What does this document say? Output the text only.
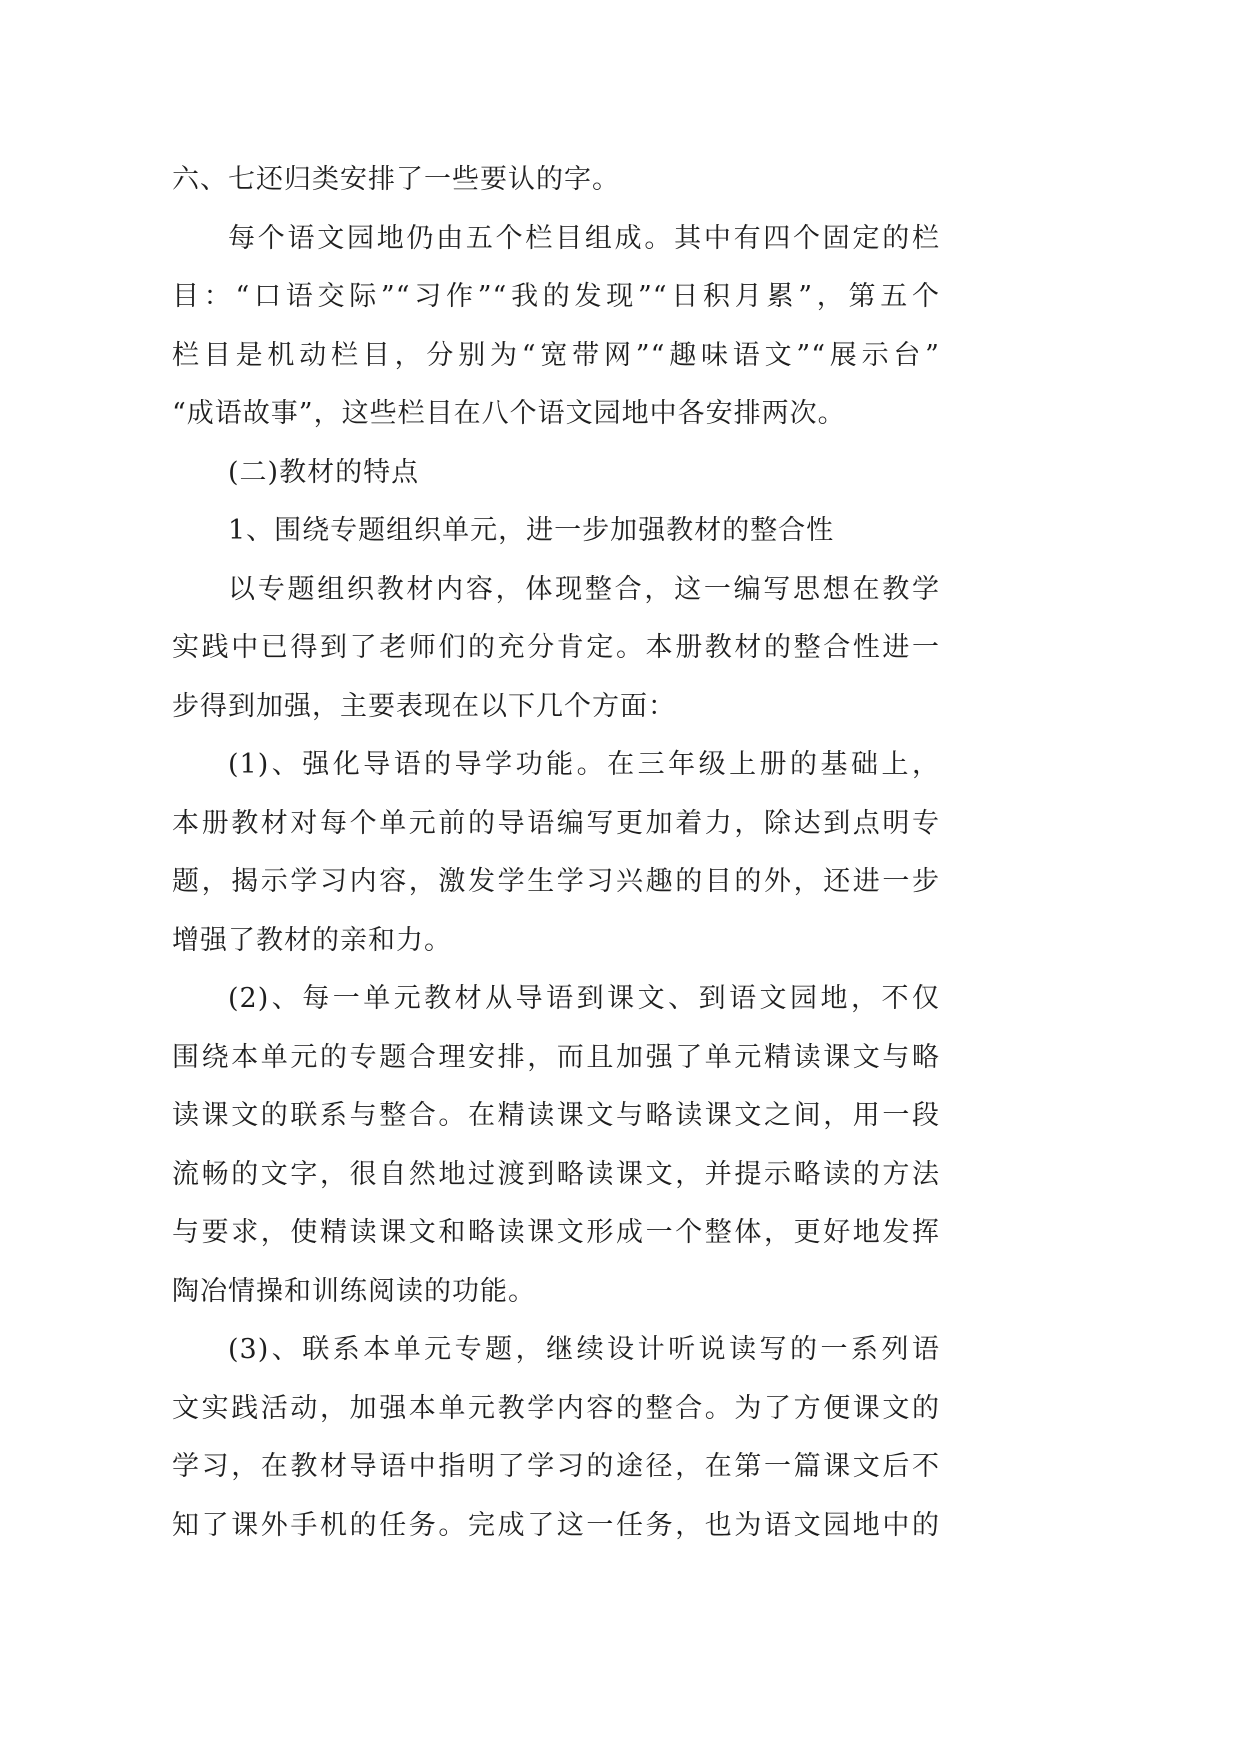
六、七还归类安排了一些要认的字。
每个语文园地仍由五个栏目组成。其中有四个固定的栏
目：“口语交际”“习作”“我的发现”“日积月累”，第五个
栏目是机动栏目，分别为“宽带网”“趣味语文”“展示台”
“成语故事”，这些栏目在八个语文园地中各安排两次。
(二)教材的特点
1、围绕专题组织单元，进一步加强教材的整合性
以专题组织教材内容，体现整合，这一编写思想在教学
实践中已得到了老师们的充分肯定。本册教材的整合性进一
步得到加强，主要表现在以下几个方面：
(1)、强化导语的导学功能。在三年级上册的基础上，
本册教材对每个单元前的导语编写更加着力，除达到点明专
题，揭示学习内容，激发学生学习兴趣的目的外，还进一步
增强了教材的亲和力。
(2)、每一单元教材从导语到课文、到语文园地，不仅
围绕本单元的专题合理安排，而且加强了单元精读课文与略
读课文的联系与整合。在精读课文与略读课文之间，用一段
流畅的文字，很自然地过渡到略读课文，并提示略读的方法
与要求，使精读课文和略读课文形成一个整体，更好地发挥
陶冶情操和训练阅读的功能。
(3)、联系本单元专题，继续设计听说读写的一系列语
文实践活动，加强本单元教学内容的整合。为了方便课文的
学习，在教材导语中指明了学习的途径，在第一篇课文后不
知了课外手机的任务。完成了这一任务，也为语文园地中的
